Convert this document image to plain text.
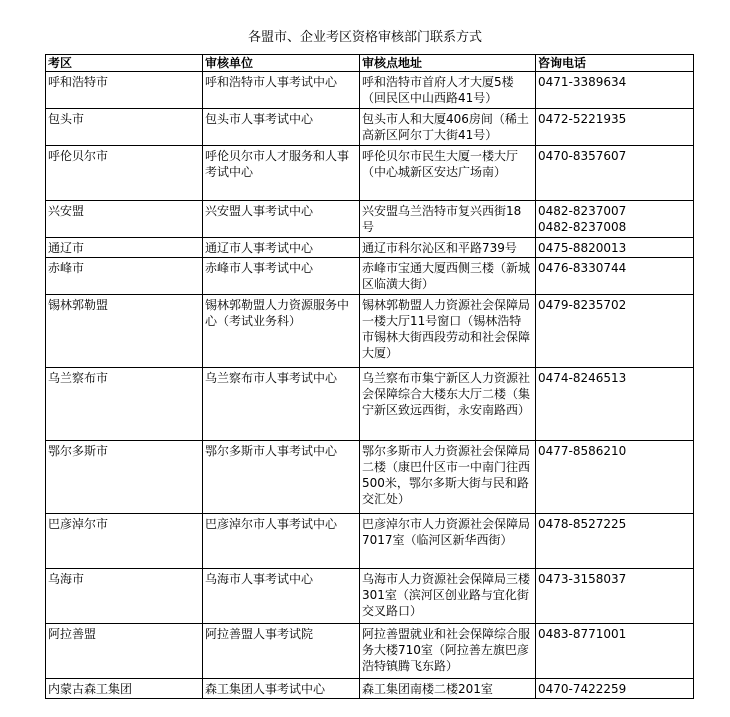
各盟市、企业考区资格审核部门联系方式
考区	审核单位	审核点地址	咨询电话
呼和浩特市	呼和浩特市人事考试中心	呼和浩特市首府人才大厦5楼（回民区中山西路41号）	0471-3389634

包头市	包头市人事考试中心	包头市人和大厦406房间（稀土高新区阿尔丁大街41号）	0472-5221935

呼伦贝尔市	呼伦贝尔市人才服务和人事考试中心	呼伦贝尔市民生大厦一楼大厅（中心城新区安达广场南）	0470-8357607

兴安盟	兴安盟人事考试中心	兴安盟乌兰浩特市复兴西街18号	0482-8237007
0482-8237008

通辽市	通辽市人事考试中心	通辽市科尔沁区和平路739号	0475-8820013

赤峰市	赤峰市人事考试中心	赤峰市宝通大厦西侧三楼（新城区临潢大街）	0476-8330744

锡林郭勒盟	锡林郭勒盟人力资源服务中心（考试业务科）	锡林郭勒盟人力资源社会保障局一楼大厅11号窗口（锡林浩特市锡林大街西段劳动和社会保障大厦）	0479-8235702

乌兰察布市	乌兰察布市人事考试中心	乌兰察布市集宁新区人力资源社会保障综合大楼东大厅二楼（集宁新区致远西街，永安南路西）	0474-8246513

鄂尔多斯市	鄂尔多斯市人事考试中心	鄂尔多斯市人力资源社会保障局二楼（康巴什区市一中南门往西500米，鄂尔多斯大街与民和路交汇处）	0477-8586210

巴彦淖尔市	巴彦淖尔市人事考试中心	巴彦淖尔市人力资源社会保障局7017室（临河区新华西街）	0478-8527225

乌海市	乌海市人事考试中心	乌海市人力资源社会保障局三楼301室（滨河区创业路与宜化街交叉路口）	0473-3158037

阿拉善盟	阿拉善盟人事考试院	阿拉善盟就业和社会保障综合服务大楼710室（阿拉善左旗巴彦浩特镇腾飞东路）	0483-8771001

内蒙古森工集团	森工集团人事考试中心	森工集团南楼二楼201室	0470-7422259
